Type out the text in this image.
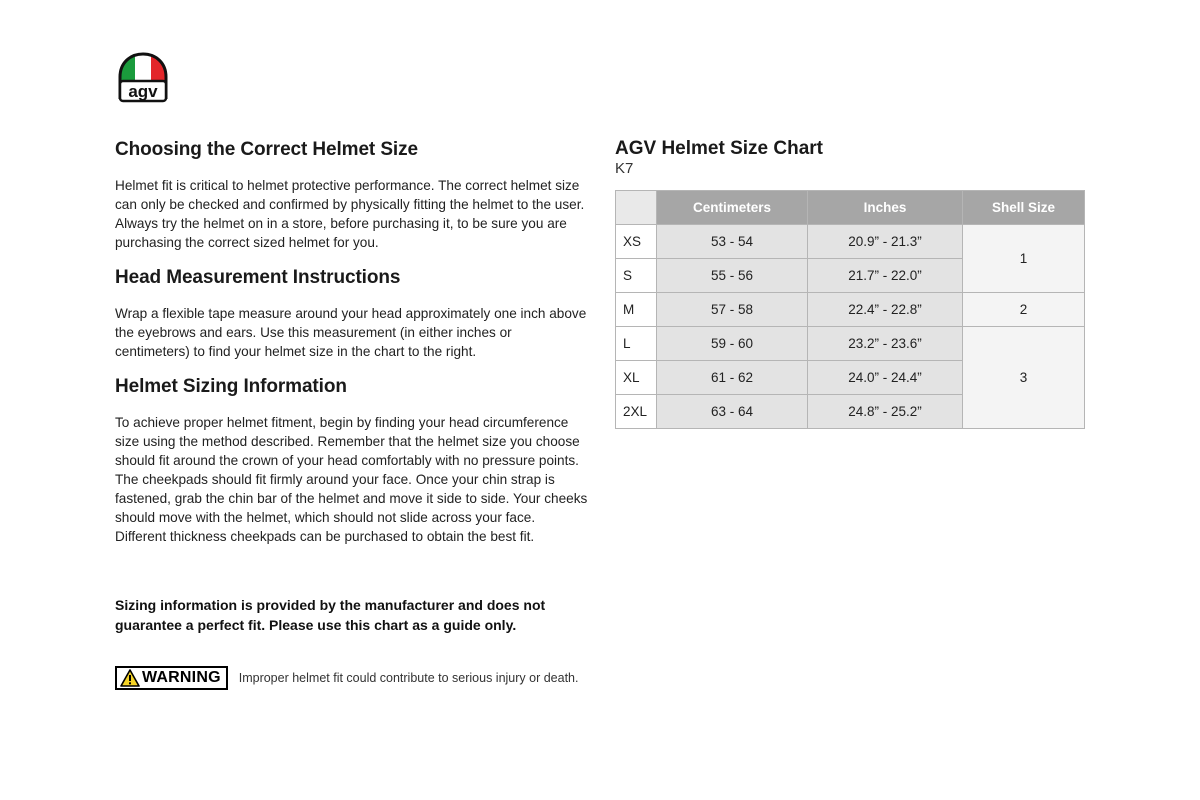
agv
Choosing the Correct Helmet Size

Helmet fit is critical to helmet protective performance. The correct helmet size can only be checked and confirmed by physically fitting the helmet to the user. Always try the helmet on in a store, before purchasing it, to be sure you are purchasing the correct sized helmet for you.

Head Measurement Instructions

Wrap a flexible tape measure around your head approximately one inch above the eyebrows and ears. Use this measurement (in either inches or centimeters) to find your helmet size in the chart to the right.

Helmet Sizing Information

To achieve proper helmet fitment, begin by finding your head circumference size using the method described. Remember that the helmet size you choose should fit around the crown of your head comfortably with no pressure points. The cheekpads should fit firmly around your face. Once your chin strap is fastened, grab the chin bar of the helmet and move it side to side. Your cheeks should move with the helmet, which should not slide across your face. Different thickness cheekpads can be purchased to obtain the best fit.

Sizing information is provided by the manufacturer and does not guarantee a perfect fit. Please use this chart as a guide only.

WARNING Improper helmet fit could contribute to serious injury or death.
AGV Helmet Size Chart

K7

	Centimeters	Inches	Shell Size
XS	53 - 54	20.9” - 21.3”	1
S	55 - 56	21.7” - 22.0”	
M	57 - 58	22.4” - 22.8”	2
L	59 - 60	23.2” - 23.6”	3
XL	61 - 62	24.0” - 24.4”	
2XL	63 - 64	24.8” - 25.2”	
